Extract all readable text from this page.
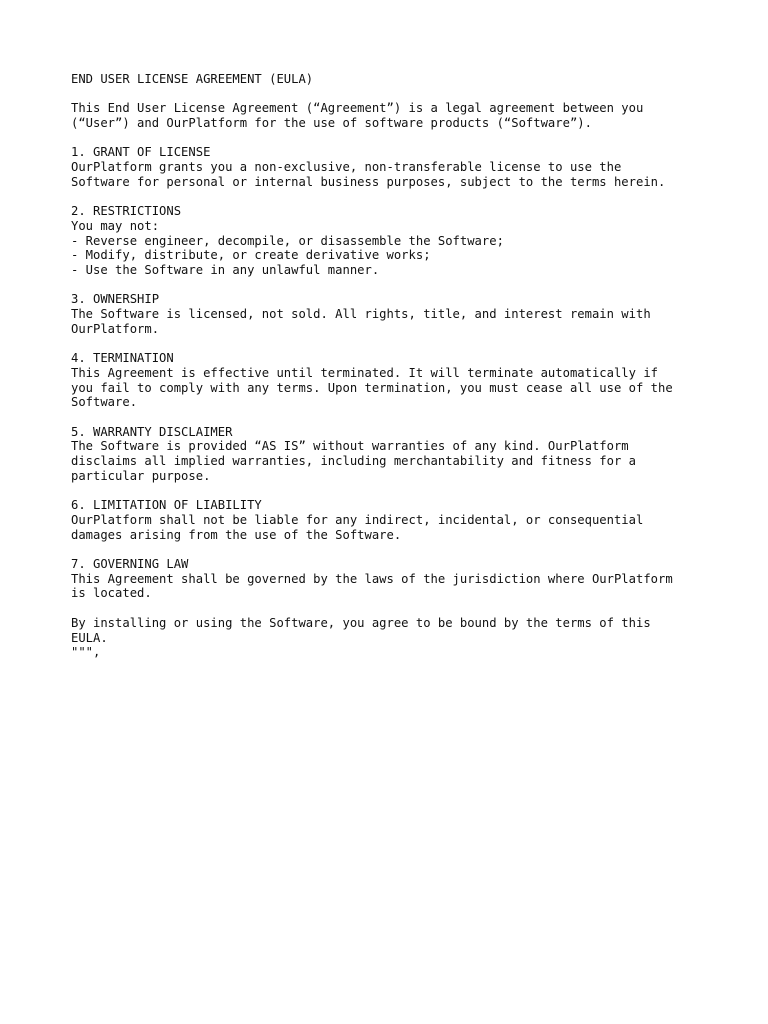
END USER LICENSE AGREEMENT (EULA)

This End User License Agreement (“Agreement”) is a legal agreement between you

(“User”) and OurPlatform for the use of software products (“Software”).

1. GRANT OF LICENSE

OurPlatform grants you a non-exclusive, non-transferable license to use the

Software for personal or internal business purposes, subject to the terms herein.

2. RESTRICTIONS

You may not:

- Reverse engineer, decompile, or disassemble the Software;

- Modify, distribute, or create derivative works;

- Use the Software in any unlawful manner.

3. OWNERSHIP

The Software is licensed, not sold. All rights, title, and interest remain with

OurPlatform.

4. TERMINATION

This Agreement is effective until terminated. It will terminate automatically if

you fail to comply with any terms. Upon termination, you must cease all use of the

Software.

5. WARRANTY DISCLAIMER

The Software is provided “AS IS” without warranties of any kind. OurPlatform

disclaims all implied warranties, including merchantability and fitness for a

particular purpose.

6. LIMITATION OF LIABILITY

OurPlatform shall not be liable for any indirect, incidental, or consequential

damages arising from the use of the Software.

7. GOVERNING LAW

This Agreement shall be governed by the laws of the jurisdiction where OurPlatform

is located.

By installing or using the Software, you agree to be bound by the terms of this

EULA.

""",
